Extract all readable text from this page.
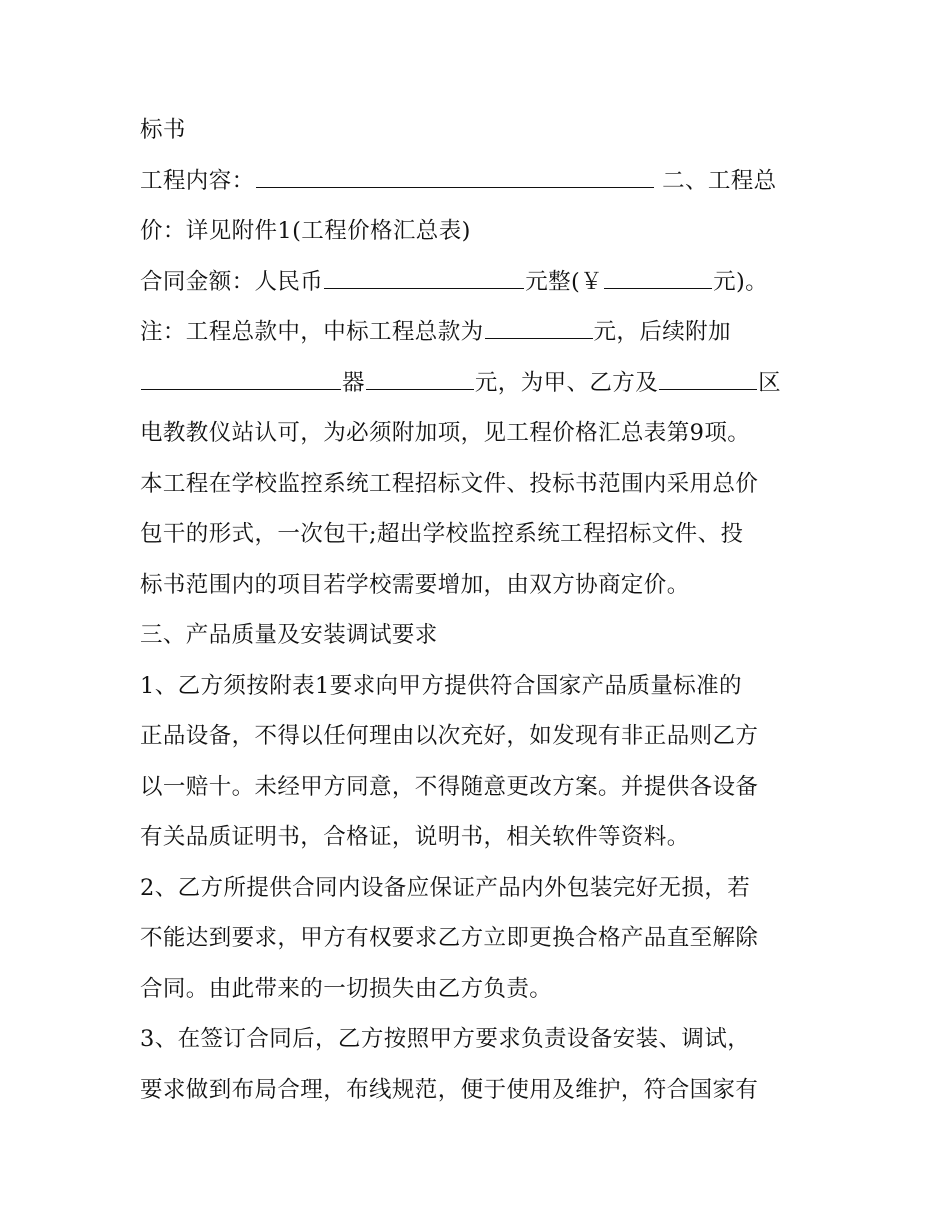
标书
工程内容：	二、工程总
价：详见附件1(工程价格汇总表)
合同金额：人民币	元整(￥	元)。
注：工程总款中，中标工程总款为	元，后续附加
器	元，为甲、乙方及	区
电教教仪站认可，为必须附加项，见工程价格汇总表第9项。
本工程在学校监控系统工程招标文件、投标书范围内采用总价
包干的形式，一次包干;超出学校监控系统工程招标文件、投
标书范围内的项目若学校需要增加，由双方协商定价。
三、产品质量及安装调试要求
1、乙方须按附表1要求向甲方提供符合国家产品质量标准的
正品设备，不得以任何理由以次充好，如发现有非正品则乙方
以一赔十。未经甲方同意，不得随意更改方案。并提供各设备
有关品质证明书，合格证，说明书，相关软件等资料。
2、乙方所提供合同内设备应保证产品内外包装完好无损，若
不能达到要求，甲方有权要求乙方立即更换合格产品直至解除
合同。由此带来的一切损失由乙方负责。
3、在签订合同后，乙方按照甲方要求负责设备安装、调试，
要求做到布局合理，布线规范，便于使用及维护，符合国家有
